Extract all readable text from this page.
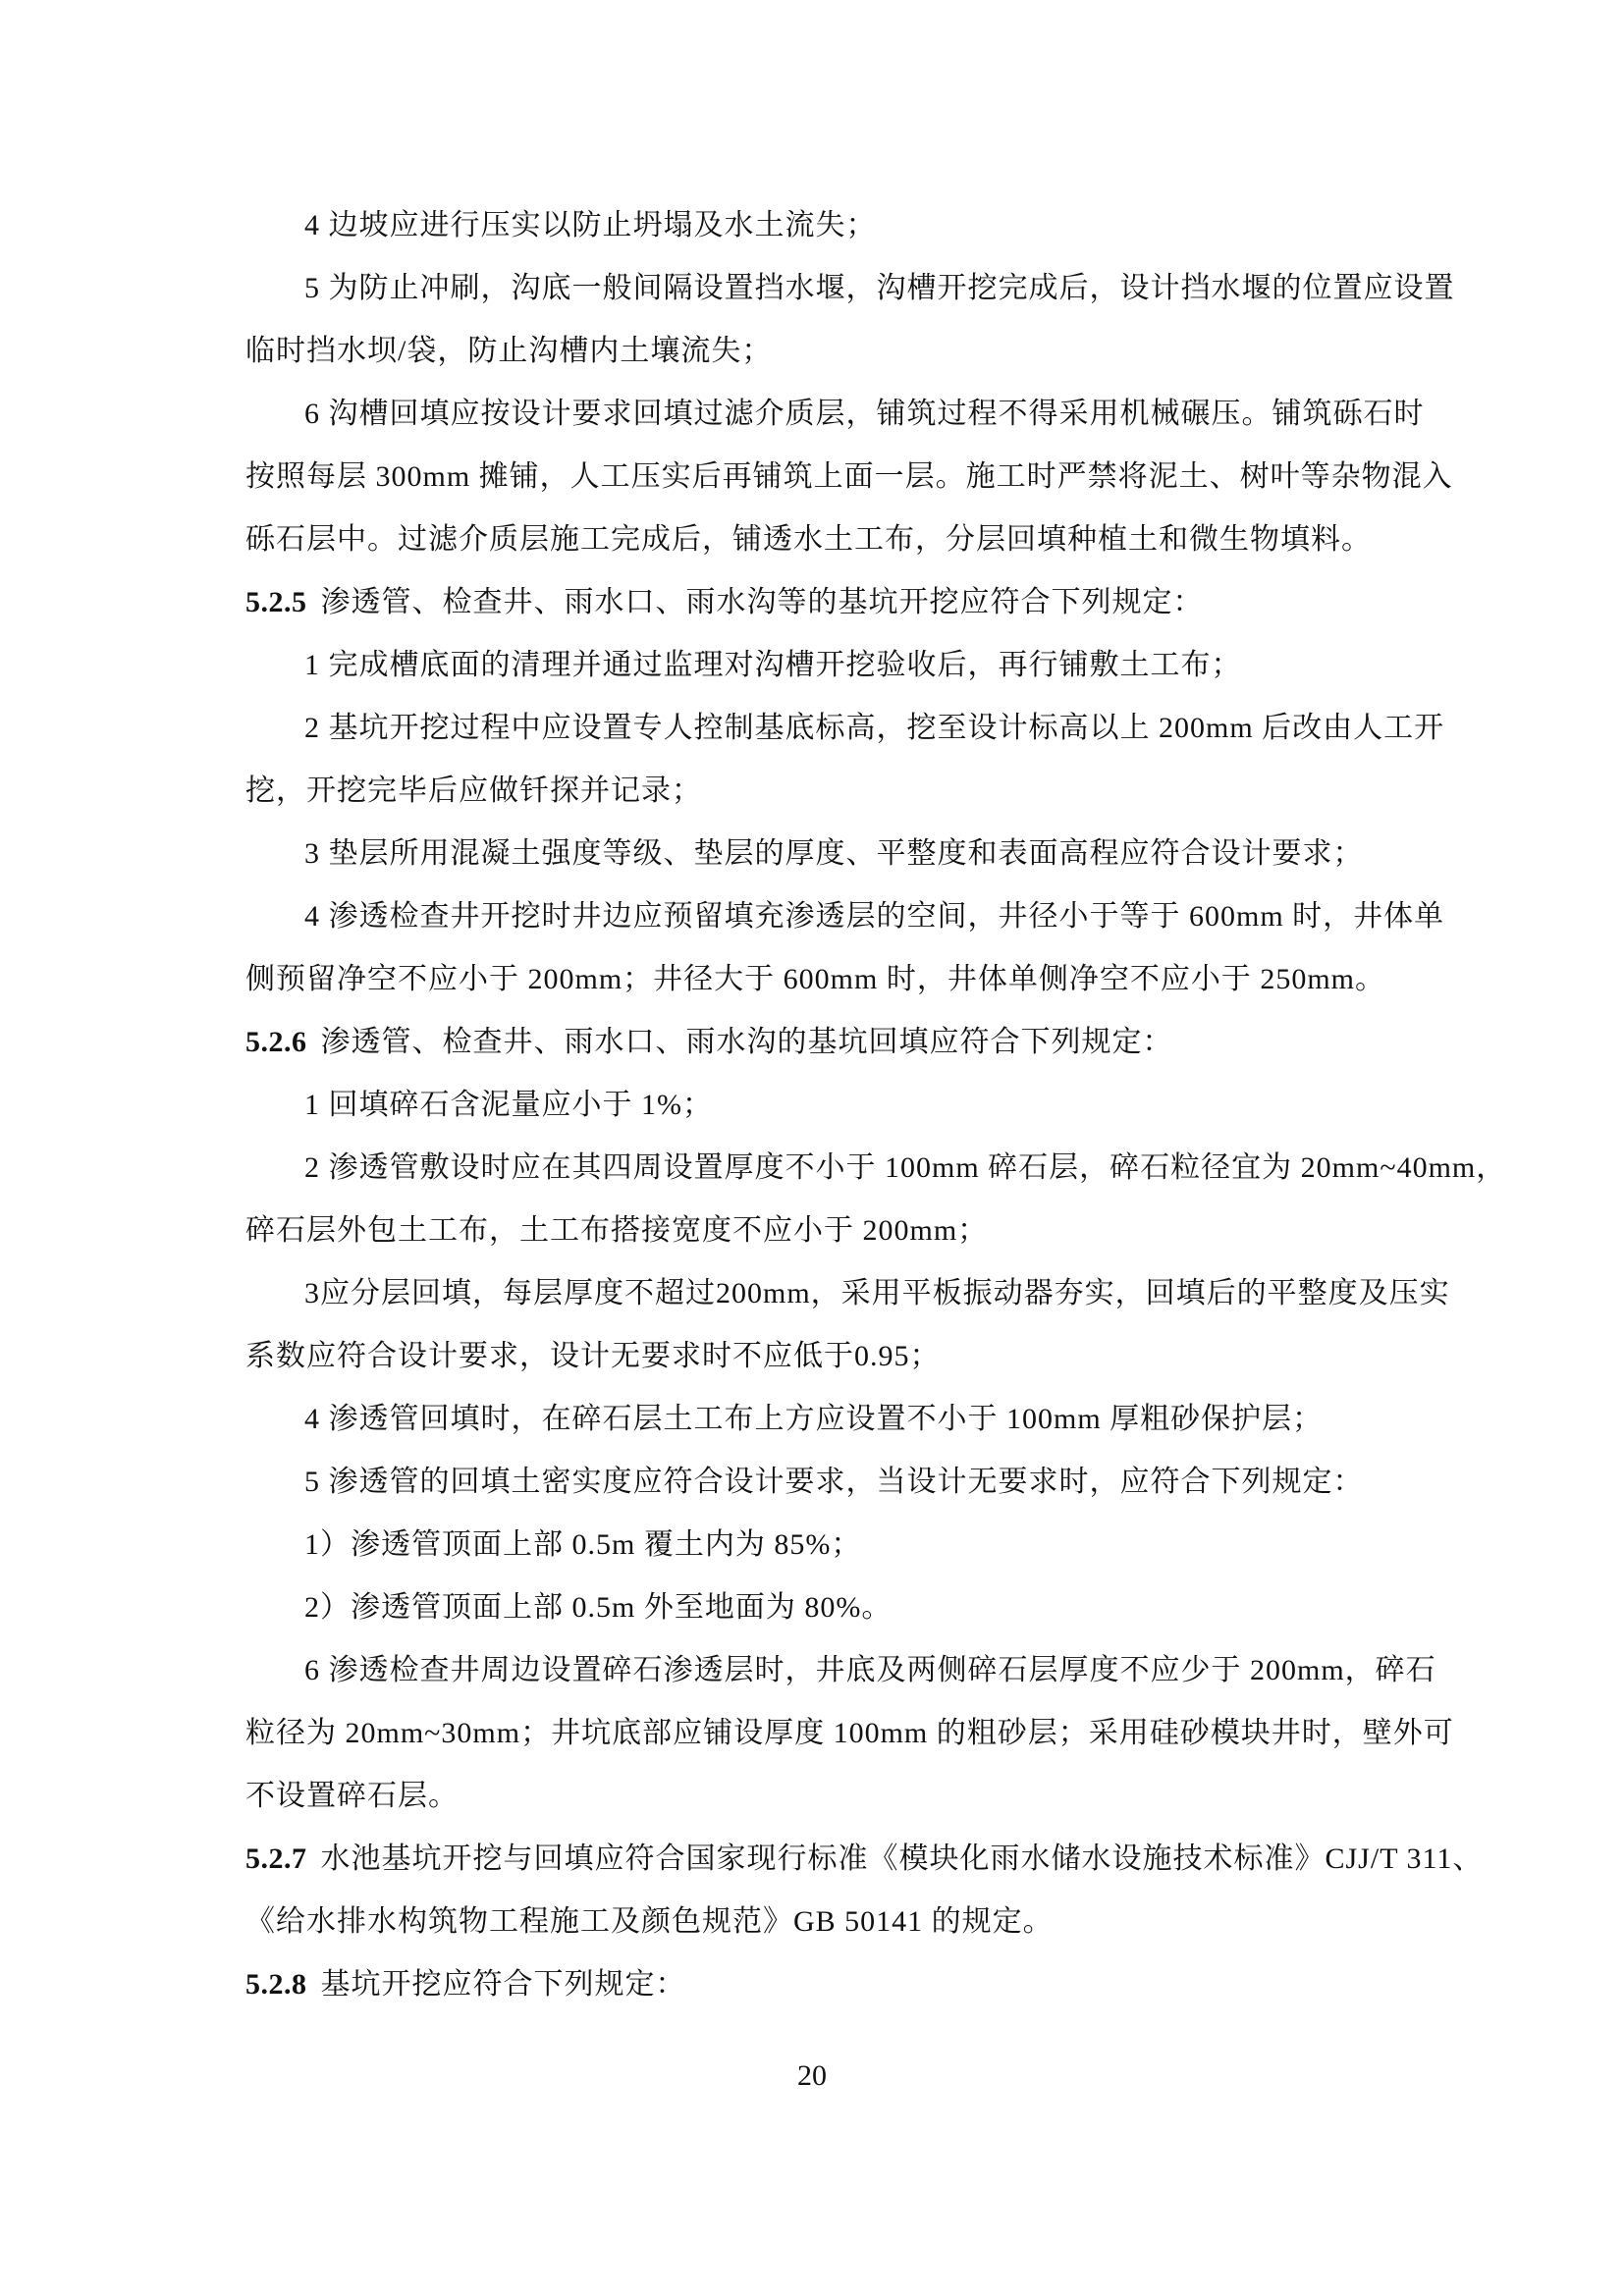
4 边坡应进行压实以防止坍塌及水土流失；
5 为防止冲刷，沟底一般间隔设置挡水堰，沟槽开挖完成后，设计挡水堰的位置应设置
临时挡水坝/袋，防止沟槽内土壤流失；
6 沟槽回填应按设计要求回填过滤介质层，铺筑过程不得采用机械碾压。铺筑砾石时
按照每层 300mm 摊铺，人工压实后再铺筑上面一层。施工时严禁将泥土、树叶等杂物混入
砾石层中。过滤介质层施工完成后，铺透水土工布，分层回填种植土和微生物填料。
5.2.5 渗透管、检查井、雨水口、雨水沟等的基坑开挖应符合下列规定：
1 完成槽底面的清理并通过监理对沟槽开挖验收后，再行铺敷土工布；
2 基坑开挖过程中应设置专人控制基底标高，挖至设计标高以上 200mm 后改由人工开
挖，开挖完毕后应做钎探并记录；
3 垫层所用混凝土强度等级、垫层的厚度、平整度和表面高程应符合设计要求；
4 渗透检查井开挖时井边应预留填充渗透层的空间，井径小于等于 600mm 时，井体单
侧预留净空不应小于 200mm；井径大于 600mm 时，井体单侧净空不应小于 250mm。
5.2.6 渗透管、检查井、雨水口、雨水沟的基坑回填应符合下列规定：
1 回填碎石含泥量应小于 1%；
2 渗透管敷设时应在其四周设置厚度不小于 100mm 碎石层，碎石粒径宜为 20mm~40mm，
碎石层外包土工布，土工布搭接宽度不应小于 200mm；
3应分层回填，每层厚度不超过200mm，采用平板振动器夯实，回填后的平整度及压实
系数应符合设计要求，设计无要求时不应低于0.95；
4 渗透管回填时，在碎石层土工布上方应设置不小于 100mm 厚粗砂保护层；
5 渗透管的回填土密实度应符合设计要求，当设计无要求时，应符合下列规定：
1）渗透管顶面上部 0.5m 覆土内为 85%；
2）渗透管顶面上部 0.5m 外至地面为 80%。
6 渗透检查井周边设置碎石渗透层时，井底及两侧碎石层厚度不应少于 200mm，碎石
粒径为 20mm~30mm；井坑底部应铺设厚度 100mm 的粗砂层；采用硅砂模块井时，壁外可
不设置碎石层。
5.2.7 水池基坑开挖与回填应符合国家现行标准《模块化雨水储水设施技术标准》CJJ/T 311、
《给水排水构筑物工程施工及颜色规范》GB 50141 的规定。
5.2.8 基坑开挖应符合下列规定：
20
